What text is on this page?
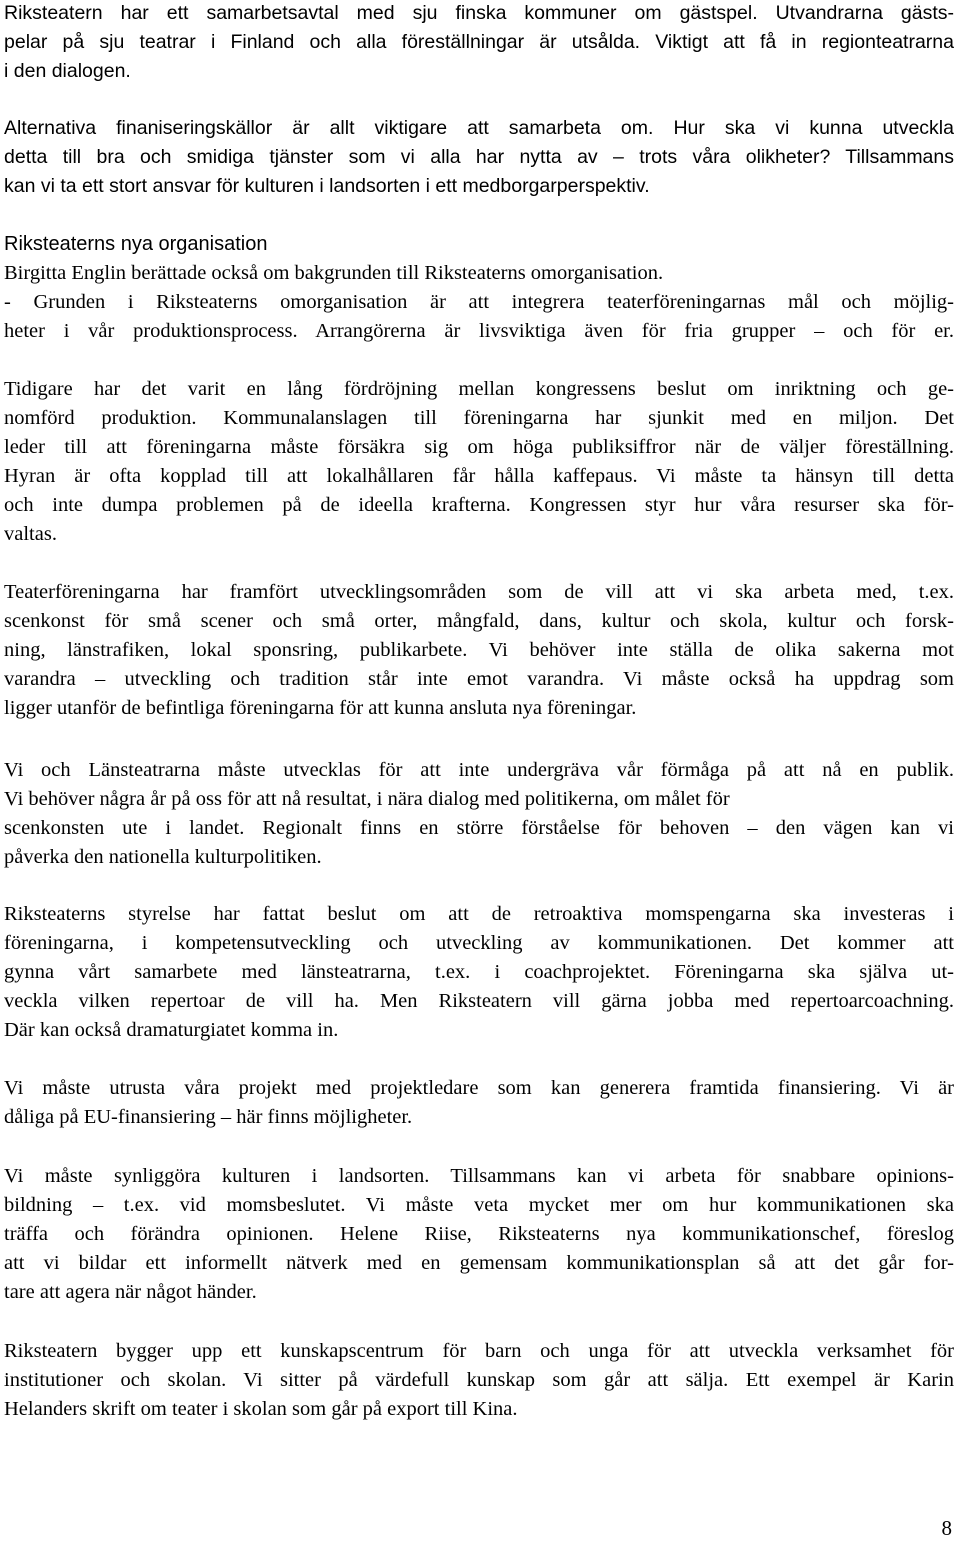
Riksteatern har ett samarbetsavtal med sju finska kommuner om gästspel. Utvandrarna gästs-
pelar på sju teatrar i Finland och alla föreställningar är utsålda. Viktigt att få in regionteatrarna
i den dialogen.
Alternativa finaniseringskällor är allt viktigare att samarbeta om. Hur ska vi kunna utveckla
detta till bra och smidiga tjänster som vi alla har nytta av – trots våra olikheter? Tillsammans
kan vi ta ett stort ansvar för kulturen i landsorten i ett medborgarperspektiv.
Riksteaterns nya organisation
Birgitta Englin berättade också om bakgrunden till Riksteaterns omorganisation.
- Grunden i Riksteaterns omorganisation är att integrera teaterföreningarnas mål och möjlig-
heter i vår produktionsprocess. Arrangörerna är livsviktiga även för fria grupper – och för er.
Tidigare har det varit en lång fördröjning mellan kongressens beslut om inriktning och ge-
nomförd produktion. Kommunalanslagen till föreningarna har sjunkit med en miljon. Det
leder till att föreningarna måste försäkra sig om höga publiksiffror när de väljer föreställning.
Hyran är ofta kopplad till att lokalhållaren får hålla kaffepaus. Vi måste ta hänsyn till detta
och inte dumpa problemen på de ideella krafterna. Kongressen styr hur våra resurser ska för-
valtas.
Teaterföreningarna har framfört utvecklingsområden som de vill att vi ska arbeta med, t.ex.
scenkonst för små scener och små orter, mångfald, dans, kultur och skola, kultur och forsk-
ning, länstrafiken, lokal sponsring, publikarbete. Vi behöver inte ställa de olika sakerna mot
varandra – utveckling och tradition står inte emot varandra. Vi måste också ha uppdrag som
ligger utanför de befintliga föreningarna för att kunna ansluta nya föreningar.
Vi och Länsteatrarna måste utvecklas för att inte undergräva vår förmåga på att nå en publik.
Vi behöver några år på oss för att nå resultat, i nära dialog med politikerna, om målet för
scenkonsten ute i landet. Regionalt finns en större förståelse för behoven – den vägen kan vi
påverka den nationella kulturpolitiken.
Riksteaterns styrelse har fattat beslut om att de retroaktiva momspengarna ska investeras i
föreningarna, i kompetensutveckling och utveckling av kommunikationen. Det kommer att
gynna vårt samarbete med länsteatrarna, t.ex. i coachprojektet. Föreningarna ska själva ut-
veckla vilken repertoar de vill ha. Men Riksteatern vill gärna jobba med repertoarcoachning.
Där kan också dramaturgiatet komma in.
Vi måste utrusta våra projekt med projektledare som kan generera framtida finansiering. Vi är
dåliga på EU-finansiering – här finns möjligheter.
Vi måste synliggöra kulturen i landsorten. Tillsammans kan vi arbeta för snabbare opinions-
bildning – t.ex. vid momsbeslutet. Vi måste veta mycket mer om hur kommunikationen ska
träffa och förändra opinionen. Helene Riise, Riksteaterns nya kommunikationschef, föreslog
att vi bildar ett informellt nätverk med en gemensam kommunikationsplan så att det går for-
tare att agera när något händer.
Riksteatern bygger upp ett kunskapscentrum för barn och unga för att utveckla verksamhet för
institutioner och skolan. Vi sitter på värdefull kunskap som går att sälja. Ett exempel är Karin
Helanders skrift om teater i skolan som går på export till Kina.
8
